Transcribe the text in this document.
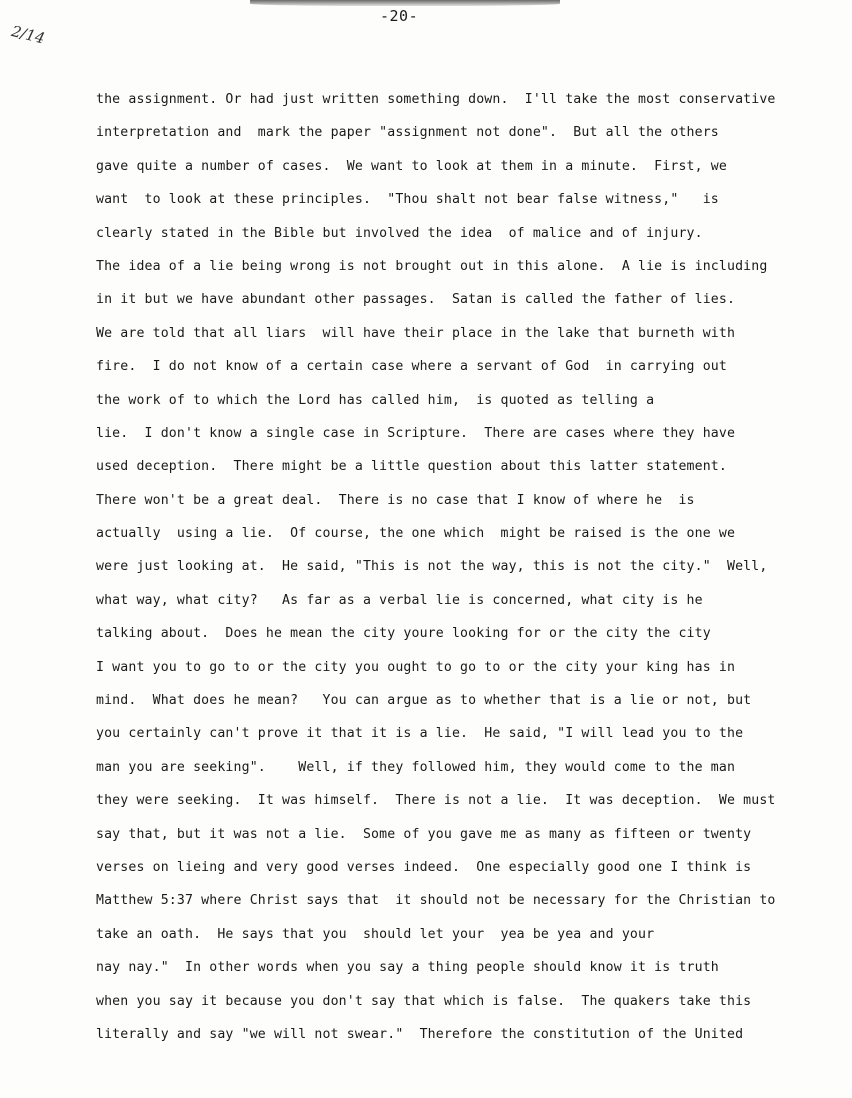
-20-
2/14
the assignment. Or had just written something down.  I'll take the most conservative
interpretation and  mark the paper "assignment not done".  But all the others
gave quite a number of cases.  We want to look at them in a minute.  First, we
want  to look at these principles.  "Thou shalt not bear false witness,"   is
clearly stated in the Bible but involved the idea  of malice and of injury.
The idea of a lie being wrong is not brought out in this alone.  A lie is including
in it but we have abundant other passages.  Satan is called the father of lies.
We are told that all liars  will have their place in the lake that burneth with
fire.  I do not know of a certain case where a servant of God  in carrying out
the work of to which the Lord has called him,  is quoted as telling a
lie.  I don't know a single case in Scripture.  There are cases where they have
used deception.  There might be a little question about this latter statement.
There won't be a great deal.  There is no case that I know of where he  is
actually  using a lie.  Of course, the one which  might be raised is the one we
were just looking at.  He said, "This is not the way, this is not the city."  Well,
what way, what city?   As far as a verbal lie is concerned, what city is he
talking about.  Does he mean the city youre looking for or the city the city
I want you to go to or the city you ought to go to or the city your king has in
mind.  What does he mean?   You can argue as to whether that is a lie or not, but
you certainly can't prove it that it is a lie.  He said, "I will lead you to the
man you are seeking".    Well, if they followed him, they would come to the man
they were seeking.  It was himself.  There is not a lie.  It was deception.  We must
say that, but it was not a lie.  Some of you gave me as many as fifteen or twenty
verses on lieing and very good verses indeed.  One especially good one I think is
Matthew 5:37 where Christ says that  it should not be necessary for the Christian to
take an oath.  He says that you  should let your  yea be yea and your
nay nay."  In other words when you say a thing people should know it is truth
when you say it because you don't say that which is false.  The quakers take this
literally and say "we will not swear."  Therefore the constitution of the United
